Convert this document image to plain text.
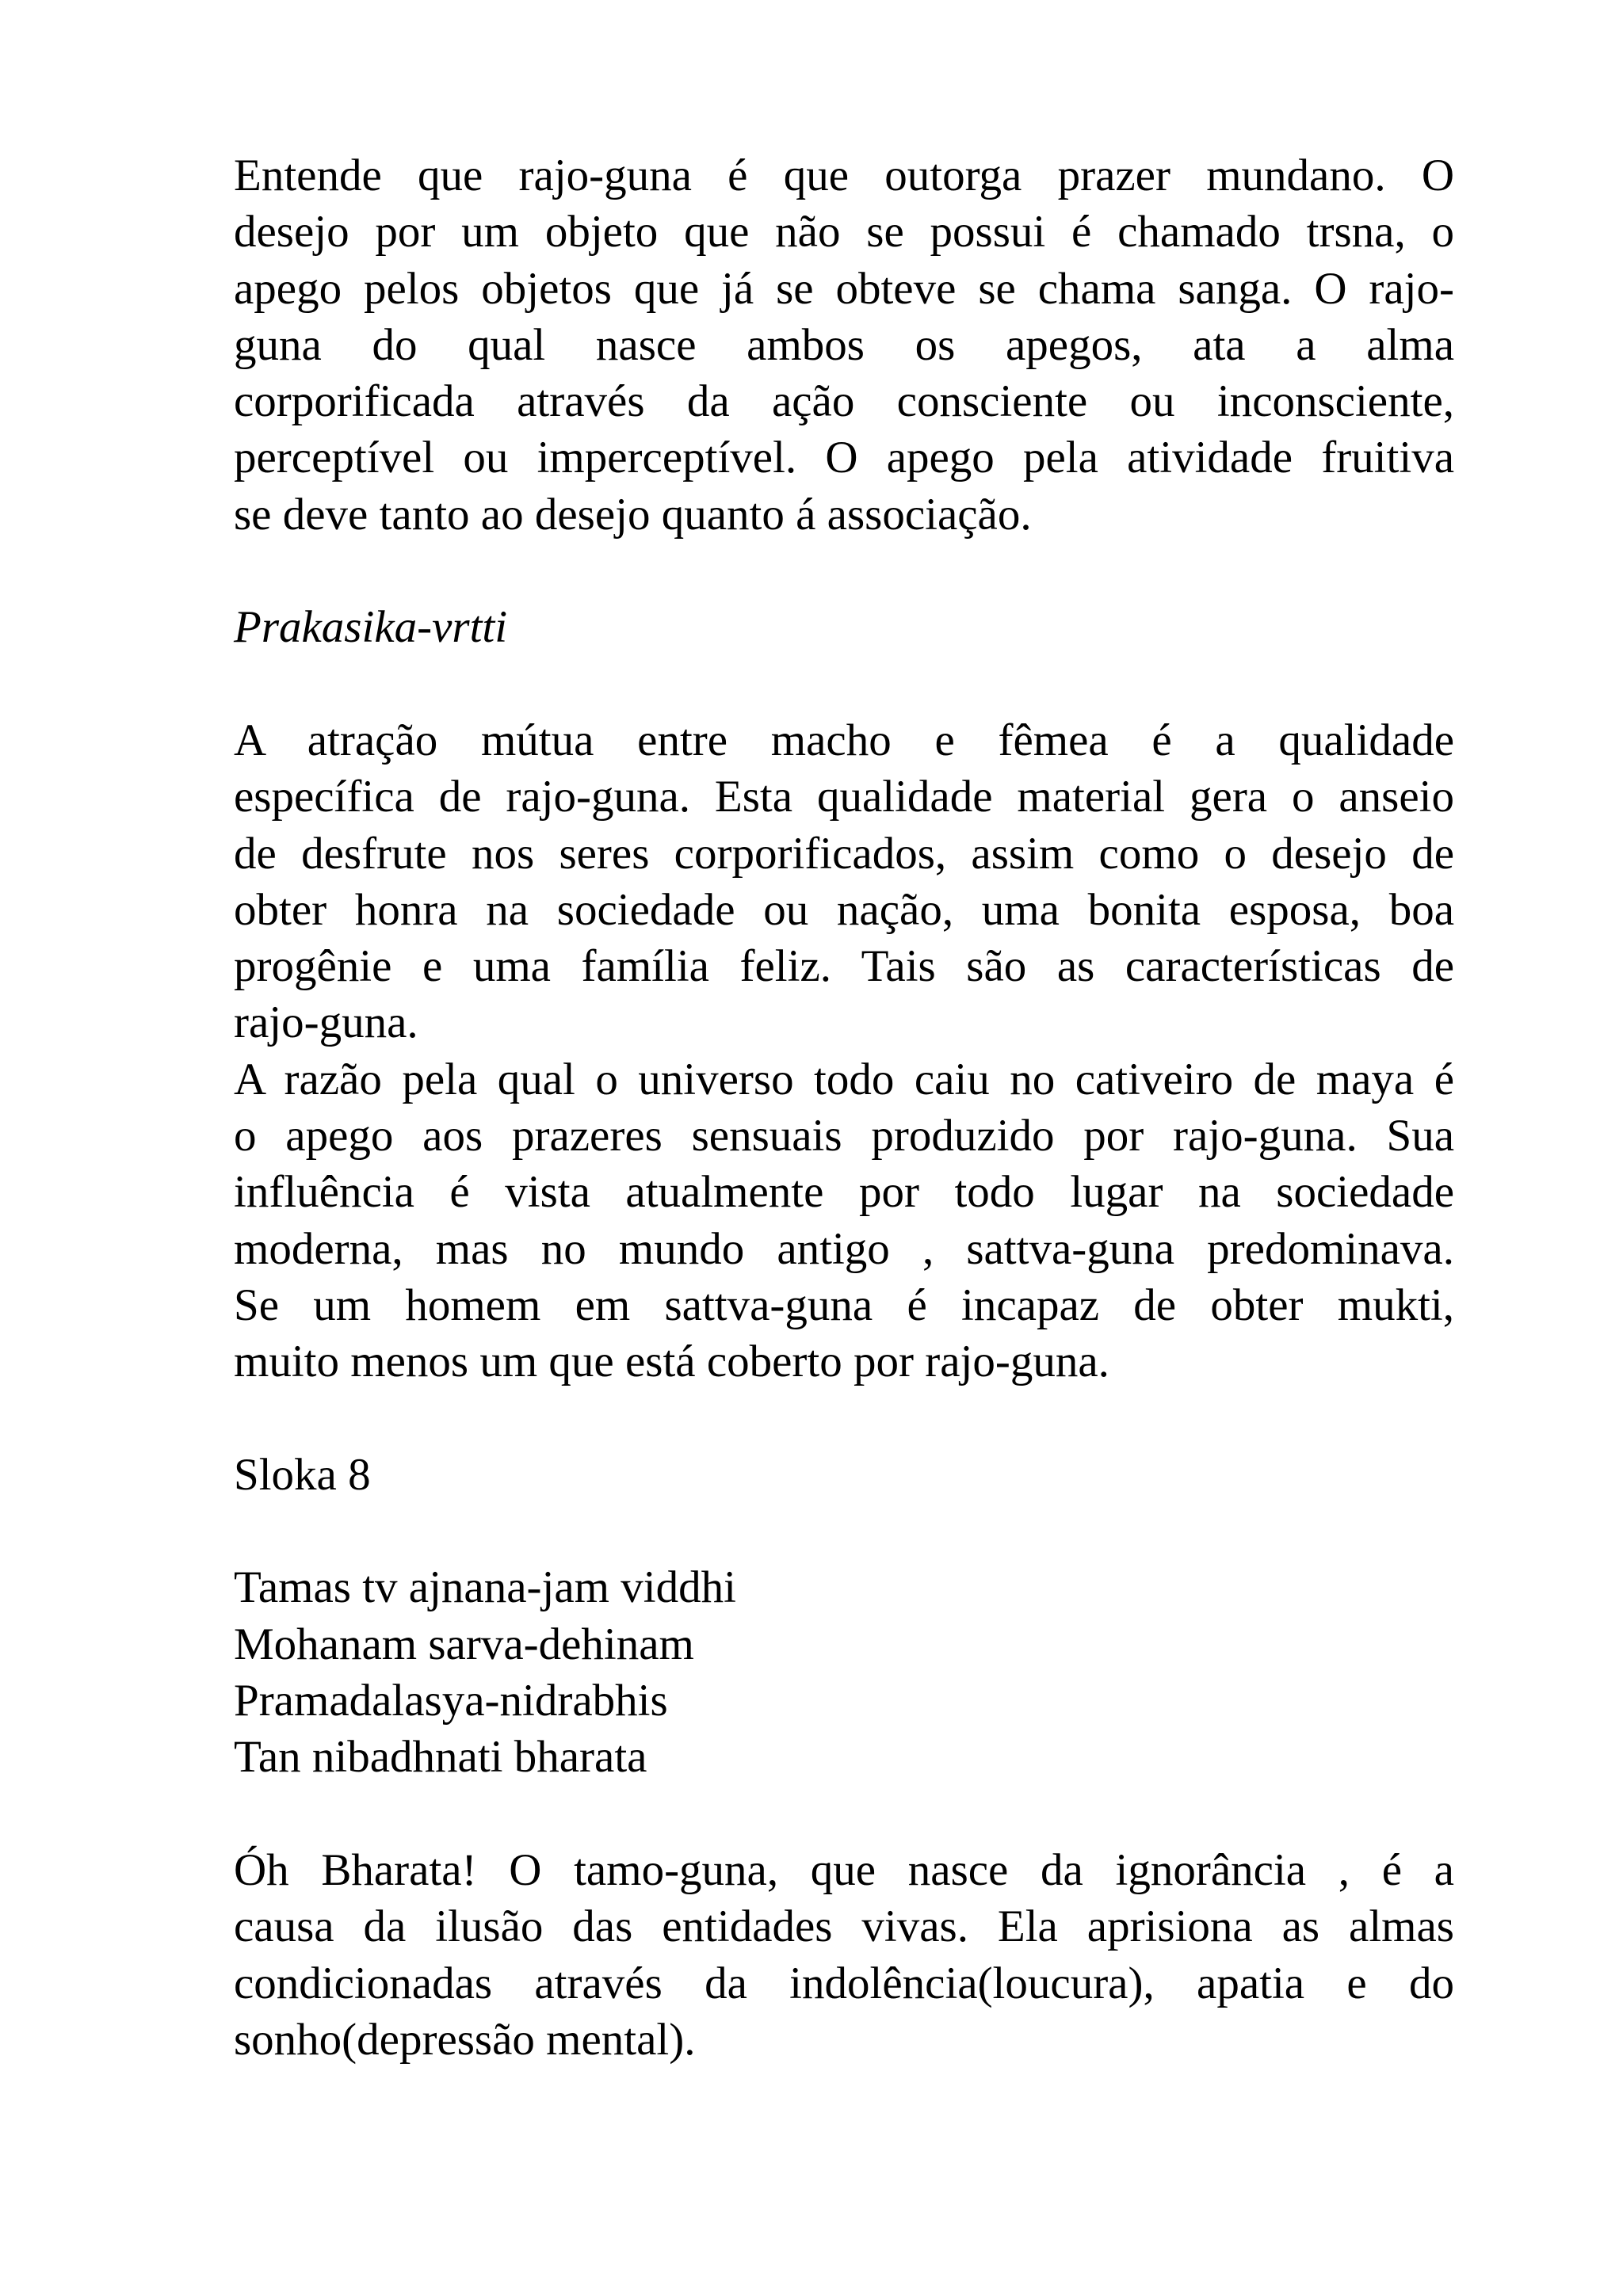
Entende que rajo-guna é que outorga prazer mundano. O
desejo por um objeto que não se possui é chamado trsna, o
apego pelos objetos que já se obteve se chama sanga. O rajo-
guna do qual nasce ambos os apegos, ata a alma
corporificada através da ação consciente ou inconsciente,
perceptível ou imperceptível. O apego pela atividade fruitiva
se deve tanto ao desejo quanto á associação.
Prakasika-vrtti
A atração mútua entre macho e fêmea é a qualidade
específica de rajo-guna. Esta qualidade material gera o anseio
de desfrute nos seres corporificados, assim como o desejo de
obter honra na sociedade ou nação, uma bonita esposa, boa
progênie e uma família feliz. Tais são as características de
rajo-guna.
A razão pela qual o universo todo caiu no cativeiro de maya é
o apego aos prazeres sensuais produzido por rajo-guna. Sua
influência é vista atualmente por todo lugar na sociedade
moderna, mas no mundo antigo , sattva-guna predominava.
Se um homem em sattva-guna é incapaz de obter mukti,
muito menos um que está coberto por rajo-guna.
Sloka 8
Tamas tv ajnana-jam viddhi
Mohanam sarva-dehinam
Pramadalasya-nidrabhis
Tan nibadhnati bharata
Óh Bharata! O tamo-guna, que nasce da ignorância , é a
causa da ilusão das entidades vivas. Ela aprisiona as almas
condicionadas através da indolência(loucura), apatia e do
sonho(depressão mental).
